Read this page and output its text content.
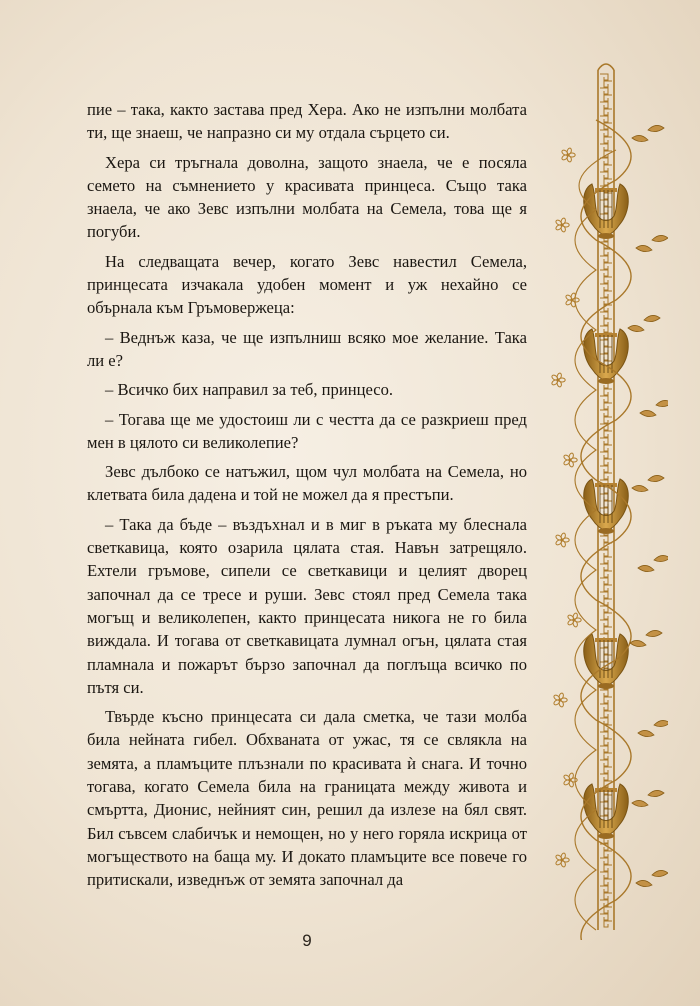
пие – така, както застава пред Хера. Ако не изпълни молбата ти, ще знаеш, че напразно си му отдала сърцето си.

Хера си тръгнала доволна, защото знаела, че е посяла семето на съмнението у красивата принцеса. Също така знаела, че ако Зевс изпълни молбата на Семела, това ще я погуби.

На следващата вечер, когато Зевс навестил Семела, принцесата изчакала удобен момент и уж нехайно се обърнала към Гръмовержеца:

– Веднъж каза, че ще изпълниш всяко мое желание. Така ли е?

– Всичко бих направил за теб, принцесо.

– Тогава ще ме удостоиш ли с честта да се разкриеш пред мен в цялото си великолепие?

Зевс дълбоко се натъжил, щом чул молбата на Семела, но клетвата била дадена и той не можел да я престъпи.

– Така да бъде – въздъхнал и в миг в ръката му блеснала светкавица, която озарила цялата стая. Навън затрещяло. Ехтели гръмове, сипели се светкавици и целият дворец започнал да се тресе и руши. Зевс стоял пред Семела така могъщ и великолепен, както принцесата никога не го била виждала. И тогава от светкавицата лумнал огън, цялата стая пламнала и пожарът бързо започнал да поглъща всичко по пътя си.

Твърде късно принцесата си дала сметка, че тази молба била нейната гибел. Обхваната от ужас, тя се свлякла на земята, а пламъците плъзнали по красивата ѝ снага. И точно тогава, когато Семела била на границата между живота и смъртта, Дионис, нейният син, решил да излезе на бял свят. Бил съвсем слабичък и немощен, но у него горяла искрица от могъществото на баща му. И докато пламъците все повече го притискали, изведнъж от земята започнал да

9
